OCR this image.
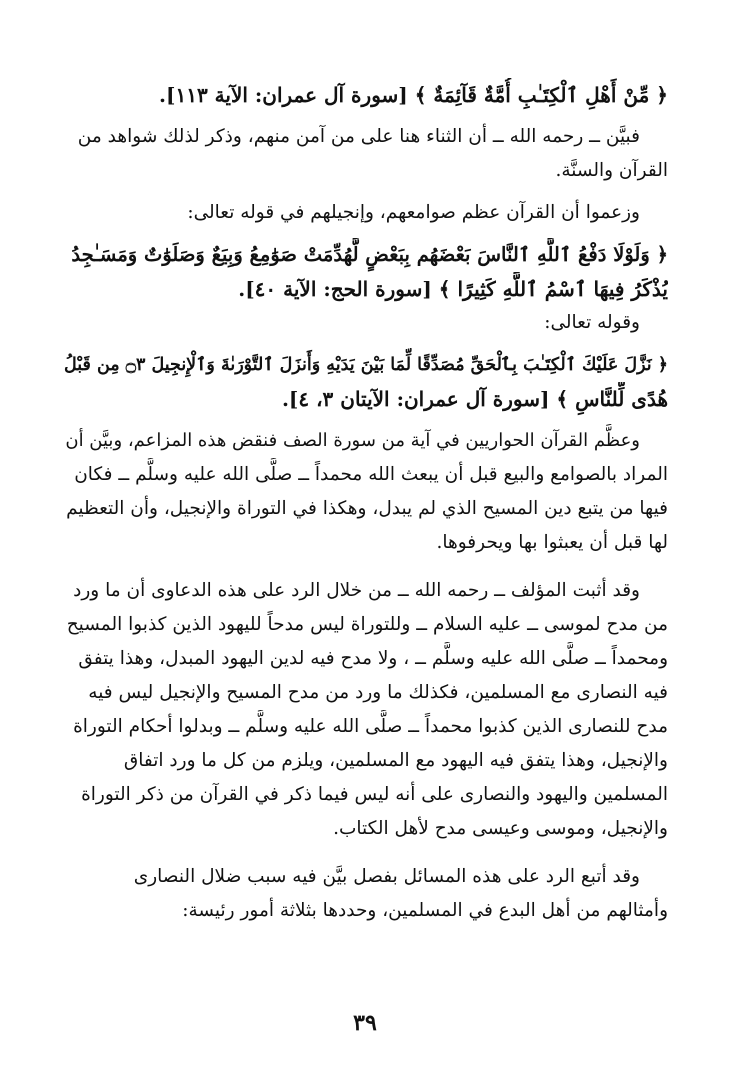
﴿ مِّنْ أَهْلِ ٱلْكِتَـٰبِ أُمَّةٌ قَآئِمَةٌ ﴾ [سورة آل عمران: الآية ١١٣].
فبيَّن ــ رحمه الله ــ أن الثناء هنا على من آمن منهم، وذكر لذلك شواهد من
القرآن والسنَّة.
وزعموا أن القرآن عظم صوامعهم، وإنجيلهم في قوله تعالى:
﴿ وَلَوْلَا دَفْعُ ٱللَّهِ ٱلنَّاسَ بَعْضَهُم بِبَعْضٍ لَّهُدِّمَتْ صَوَٰمِعُ وَبِيَعٌ وَصَلَوَٰتٌ وَمَسَـٰجِدُ
يُذْكَرُ فِيهَا ٱسْمُ ٱللَّهِ كَثِيرًا ﴾ [سورة الحج: الآية ٤٠].
وقوله تعالى:
﴿ نَزَّلَ عَلَيْكَ ٱلْكِتَـٰبَ بِٱلْحَقِّ مُصَدِّقًا لِّمَا بَيْنَ يَدَيْهِ وَأَنزَلَ ٱلتَّوْرَىٰةَ وَٱلْإِنجِيلَ ۝٣ مِن قَبْلُ
هُدًى لِّلنَّاسِ ﴾ [سورة آل عمران: الآيتان ٣، ٤].
وعظَّم القرآن الحواريين في آية من سورة الصف فنقض هذه المزاعم، وبيَّن أن
المراد بالصوامع والبيع قبل أن يبعث الله محمداً ــ صلَّى الله عليه وسلَّم ــ فكان
فيها من يتبع دين المسيح الذي لم يبدل، وهكذا في التوراة والإنجيل، وأن التعظيم
لها قبل أن يعبثوا بها ويحرفوها.
وقد أثبت المؤلف ــ رحمه الله ــ من خلال الرد على هذه الدعاوى أن ما ورد
من مدح لموسى ــ عليه السلام ــ وللتوراة ليس مدحاً لليهود الذين كذبوا المسيح
ومحمداً ــ صلَّى الله عليه وسلَّم ــ ، ولا مدح فيه لدين اليهود المبدل، وهذا يتفق
فيه النصارى مع المسلمين، فكذلك ما ورد من مدح المسيح والإنجيل ليس فيه
مدح للنصارى الذين كذبوا محمداً ــ صلَّى الله عليه وسلَّم ــ وبدلوا أحكام التوراة
والإنجيل، وهذا يتفق فيه اليهود مع المسلمين، ويلزم من كل ما ورد اتفاق
المسلمين واليهود والنصارى على أنه ليس فيما ذكر في القرآن من ذكر التوراة
والإنجيل، وموسى وعيسى مدح لأهل الكتاب.
وقد أتبع الرد على هذه المسائل بفصل بيَّن فيه سبب ضلال النصارى
وأمثالهم من أهل البدع في المسلمين، وحددها بثلاثة أمور رئيسة:
٣٩
